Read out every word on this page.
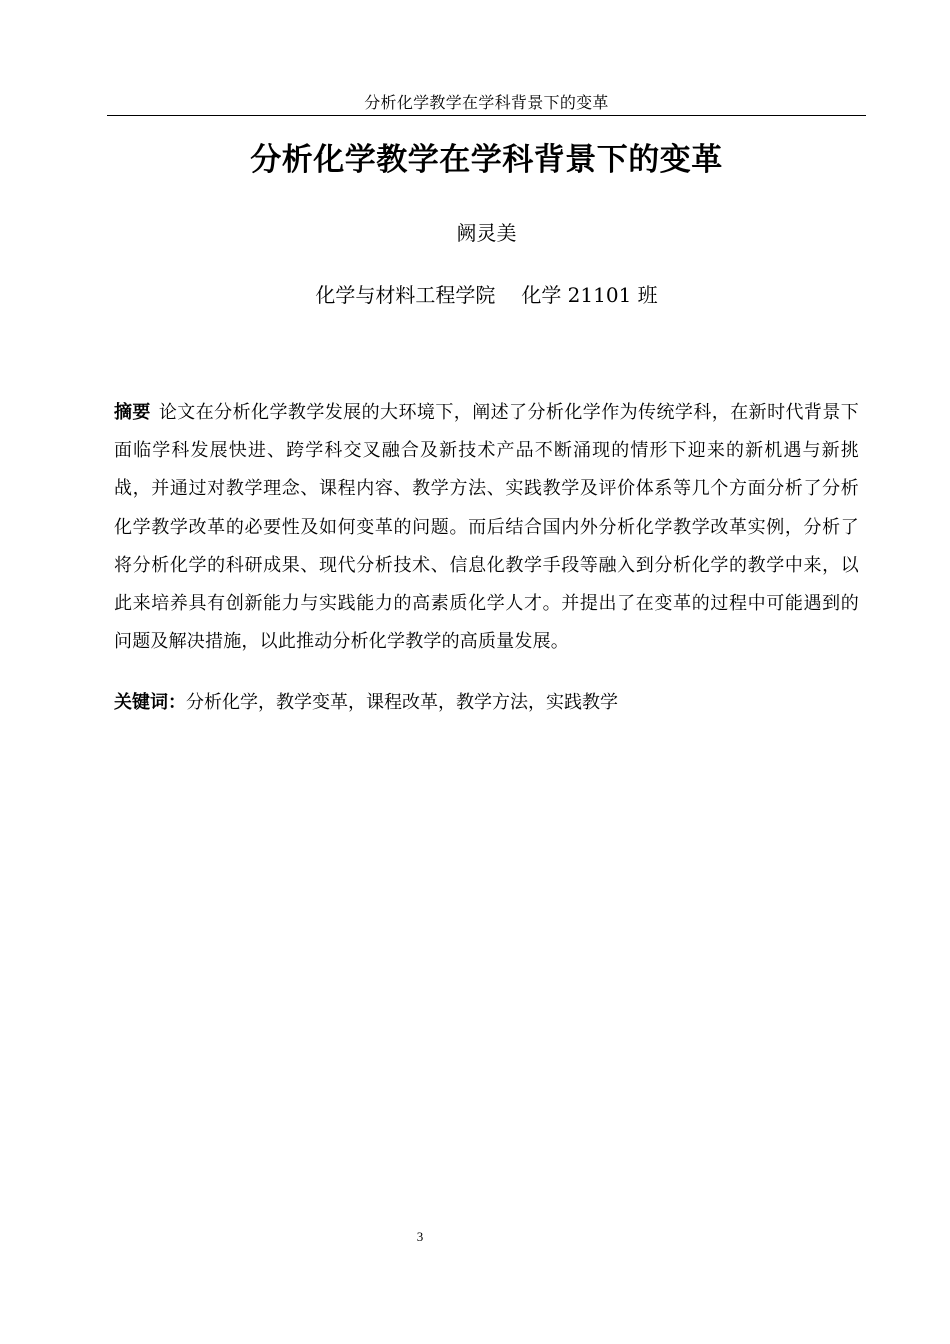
分析化学教学在学科背景下的变革
分析化学教学在学科背景下的变革
阙灵美
化学与材料工程学院 化学 21101 班
摘要 论文在分析化学教学发展的大环境下，阐述了分析化学作为传统学科，在新时代背景下面临学科发展快进、跨学科交叉融合及新技术产品不断涌现的情形下迎来的新机遇与新挑战，并通过对教学理念、课程内容、教学方法、实践教学及评价体系等几个方面分析了分析化学教学改革的必要性及如何变革的问题。而后结合国内外分析化学教学改革实例，分析了将分析化学的科研成果、现代分析技术、信息化教学手段等融入到分析化学的教学中来，以此来培养具有创新能力与实践能力的高素质化学人才。并提出了在变革的过程中可能遇到的问题及解决措施，以此推动分析化学教学的高质量发展。
关键词：分析化学，教学变革，课程改革，教学方法，实践教学
3
